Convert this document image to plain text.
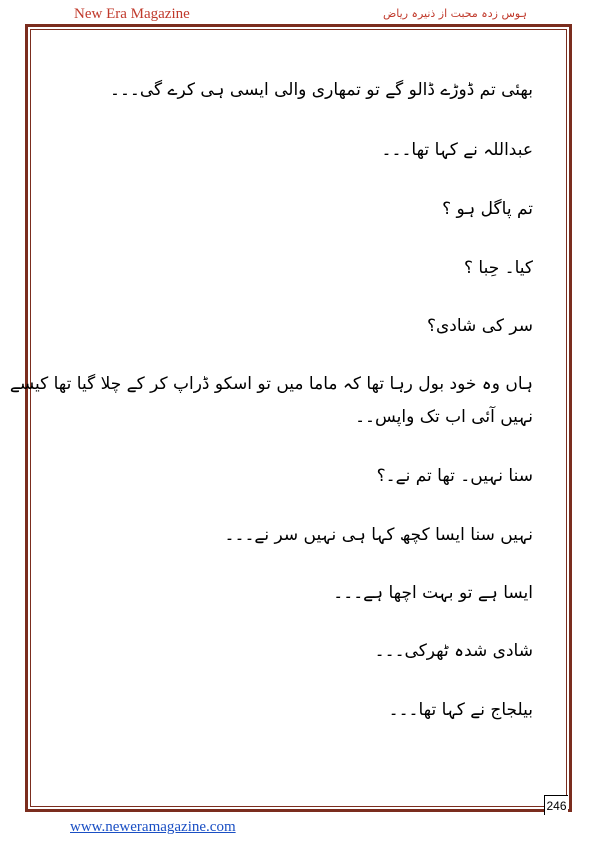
New Era Magazine	ہوس زدہ محبت از ذنیرہ ریاض
بھئی تم ڈوڑے ڈالو گے تو تمھاری والی ایسی ہی کرے گی۔۔۔
عبداللہ نے کہا تھا۔۔۔
تم پاگل ہو ؟
کیا۔ حِبا ؟
سر کی شادی؟
ہاں وہ خود بول رہا تھا کہ ماما میں تو اسکو ڈراپ کر کے چلا گیا تھا کیسے
نہیں آئی اب تک واپس۔۔
سنا نہیں۔ تھا تم نے۔؟
نہیں سنا ایسا کچھ کہا ہی نہیں سر نے۔۔۔
ایسا ہے تو بہت اچھا ہے۔۔۔
شادی شدہ ٹھرکی۔۔۔
بیلجاج نے کہا تھا۔۔۔
246
www.neweramagazine.com
